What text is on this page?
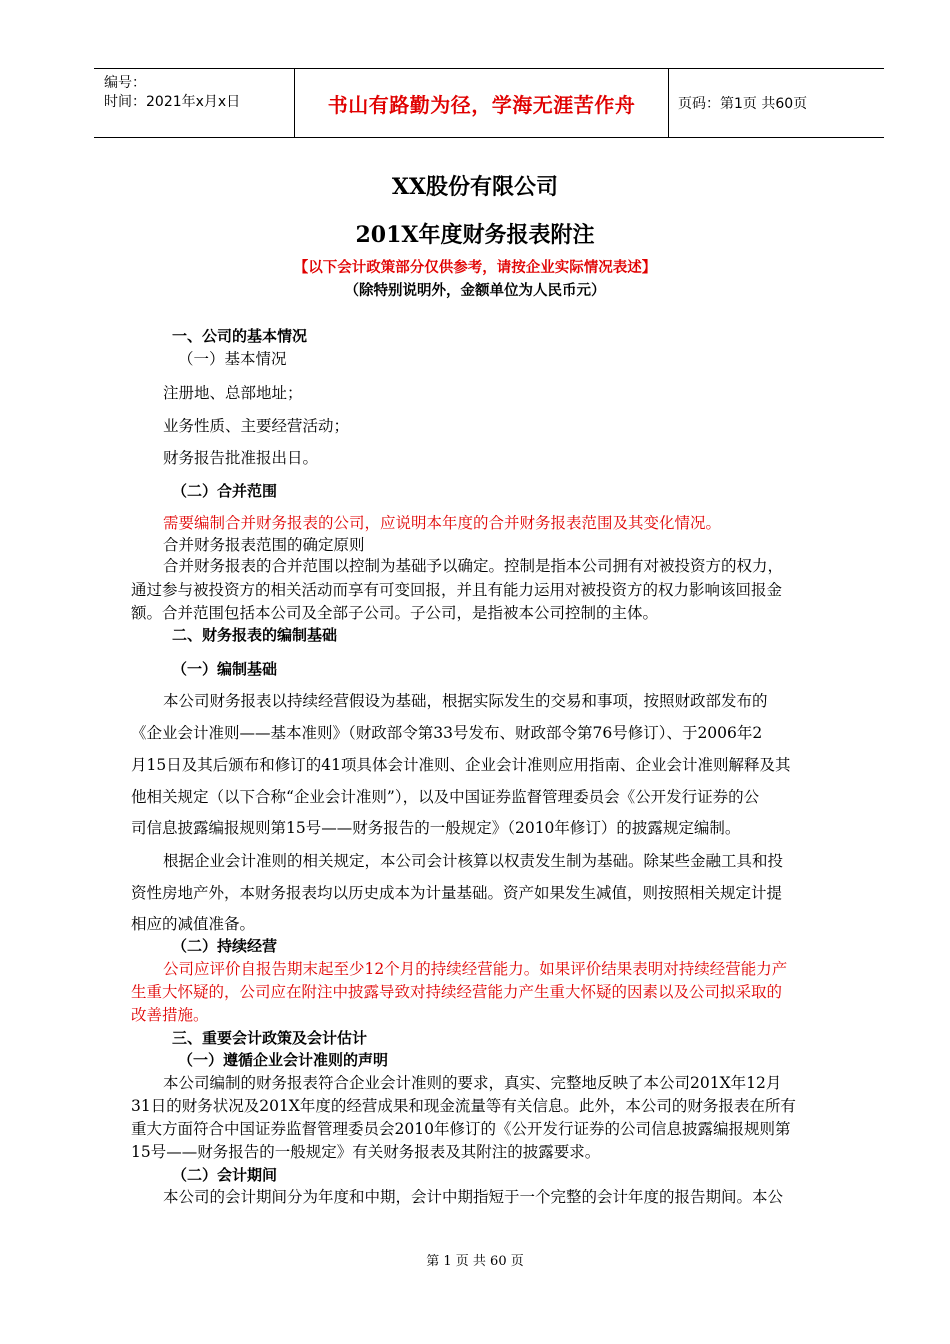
编号：
时间：2021年x月x日	书山有路勤为径，学海无涯苦作舟	页码：第1页 共60页
XX股份有限公司
201X年度财务报表附注
【以下会计政策部分仅供参考，请按企业实际情况表述】
（除特别说明外，金额单位为人民币元）
一、公司的基本情况
（一）基本情况
注册地、总部地址；
业务性质、主要经营活动；
财务报告批准报出日。
（二）合并范围
需要编制合并财务报表的公司，应说明本年度的合并财务报表范围及其变化情况。
合并财务报表范围的确定原则
合并财务报表的合并范围以控制为基础予以确定。控制是指本公司拥有对被投资方的权力，
通过参与被投资方的相关活动而享有可变回报，并且有能力运用对被投资方的权力影响该回报金
额。合并范围包括本公司及全部子公司。子公司，是指被本公司控制的主体。
二、财务报表的编制基础
（一）编制基础
本公司财务报表以持续经营假设为基础，根据实际发生的交易和事项，按照财政部发布的
《企业会计准则——基本准则》（财政部令第33号发布、财政部令第76号修订）、于2006年2
月15日及其后颁布和修订的41项具体会计准则、企业会计准则应用指南、企业会计准则解释及其
他相关规定（以下合称“企业会计准则”），以及中国证券监督管理委员会《公开发行证券的公
司信息披露编报规则第15号——财务报告的一般规定》（2010年修订）的披露规定编制。
根据企业会计准则的相关规定，本公司会计核算以权责发生制为基础。除某些金融工具和投
资性房地产外，本财务报表均以历史成本为计量基础。资产如果发生减值，则按照相关规定计提
相应的减值准备。
（二）持续经营
公司应评价自报告期末起至少12个月的持续经营能力。如果评价结果表明对持续经营能力产
生重大怀疑的，公司应在附注中披露导致对持续经营能力产生重大怀疑的因素以及公司拟采取的
改善措施。
三、重要会计政策及会计估计
（一）遵循企业会计准则的声明
本公司编制的财务报表符合企业会计准则的要求，真实、完整地反映了本公司201X年12月
31日的财务状况及201X年度的经营成果和现金流量等有关信息。此外，本公司的财务报表在所有
重大方面符合中国证券监督管理委员会2010年修订的《公开发行证券的公司信息披露编报规则第
15号——财务报告的一般规定》有关财务报表及其附注的披露要求。
（二）会计期间
本公司的会计期间分为年度和中期，会计中期指短于一个完整的会计年度的报告期间。本公
第 1 页 共 60 页
